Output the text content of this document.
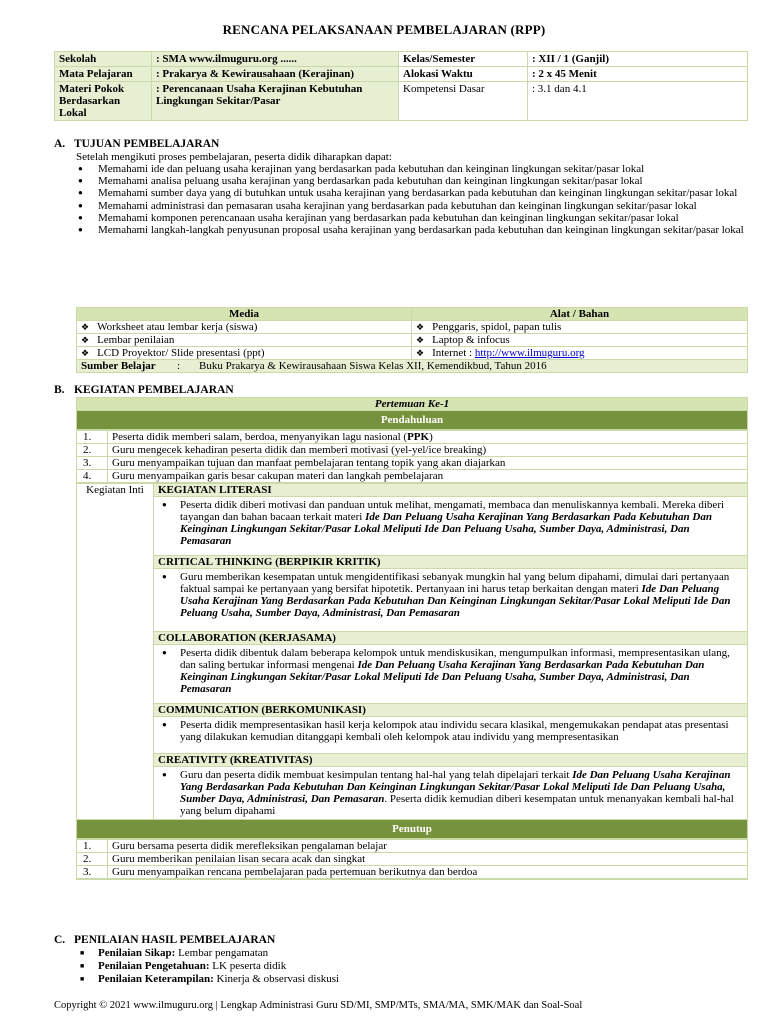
RENCANA PELAKSANAAN PEMBELAJARAN (RPP)
Sekolah	: SMA www.ilmuguru.org ......	Kelas/Semester	: XII / 1 (Ganjil)
Mata Pelajaran	: Prakarya & Kewirausahaan (Kerajinan)	Alokasi Waktu	: 2 x 45 Menit
Materi Pokok Berdasarkan Lokal	: Perencanaan Usaha Kerajinan Kebutuhan Lingkungan Sekitar/Pasar	Kompetensi Dasar	: 3.1 dan 4.1
A. TUJUAN PEMBELAJARAN
Setelah mengikuti proses pembelajaran, peserta didik diharapkan dapat:
● Memahami ide dan peluang usaha kerajinan yang berdasarkan pada kebutuhan dan keinginan lingkungan sekitar/pasar lokal
● Memahami analisa peluang usaha kerajinan yang berdasarkan pada kebutuhan dan keinginan lingkungan sekitar/pasar lokal
● Memahami sumber daya yang di butuhkan untuk usaha kerajinan yang berdasarkan pada kebutuhan dan keinginan lingkungan sekitar/pasar lokal
● Memahami administrasi dan pemasaran usaha kerajinan yang berdasarkan pada kebutuhan dan keinginan lingkungan sekitar/pasar lokal
● Memahami komponen perencanaan usaha kerajinan yang berdasarkan pada kebutuhan dan keinginan lingkungan sekitar/pasar lokal
● Memahami langkah-langkah penyusunan proposal usaha kerajinan yang berdasarkan pada kebutuhan dan keinginan lingkungan sekitar/pasar lokal
Media	Alat / Bahan
❖ Worksheet atau lembar kerja (siswa)	❖ Penggaris, spidol, papan tulis
❖ Lembar penilaian	❖ Laptop & infocus
❖ LCD Proyektor/ Slide presentasi (ppt)	❖ Internet : http://www.ilmuguru.org
Sumber Belajar : Buku Prakarya & Kewirausahaan Siswa Kelas XII, Kemendikbud, Tahun 2016	
B. KEGIATAN PEMBELAJARAN
Pertemuan Ke-1
Pendahuluan

1.	Peserta didik memberi salam, berdoa, menyanyikan lagu nasional (PPK)
2.	Guru mengecek kehadiran peserta didik dan memberi motivasi (yel-yel/ice breaking)
3.	Guru menyampaikan tujuan dan manfaat pembelajaran tentang topik yang akan diajarkan
4.	Guru menyampaikan garis besar cakupan materi dan langkah pembelajaran

Kegiatan Inti	KEGIATAN LITERASI
● Peserta didik diberi motivasi dan panduan untuk melihat, mengamati, membaca dan menuliskannya kembali. Mereka diberi tayangan dan bahan bacaan terkait materi Ide Dan Peluang Usaha Kerajinan Yang Berdasarkan Pada Kebutuhan Dan Keinginan Lingkungan Sekitar/Pasar Lokal Meliputi Ide Dan Peluang Usaha, Sumber Daya, Administrasi, Dan Pemasaran
CRITICAL THINKING (BERPIKIR KRITIK)
● Guru memberikan kesempatan untuk mengidentifikasi sebanyak mungkin hal yang belum dipahami, dimulai dari pertanyaan faktual sampai ke pertanyaan yang bersifat hipotetik. Pertanyaan ini harus tetap berkaitan dengan materi Ide Dan Peluang Usaha Kerajinan Yang Berdasarkan Pada Kebutuhan Dan Keinginan Lingkungan Sekitar/Pasar Lokal Meliputi Ide Dan Peluang Usaha, Sumber Daya, Administrasi, Dan Pemasaran
COLLABORATION (KERJASAMA)
● Peserta didik dibentuk dalam beberapa kelompok untuk mendiskusikan, mengumpulkan informasi, mempresentasikan ulang, dan saling bertukar informasi mengenai Ide Dan Peluang Usaha Kerajinan Yang Berdasarkan Pada Kebutuhan Dan Keinginan Lingkungan Sekitar/Pasar Lokal Meliputi Ide Dan Peluang Usaha, Sumber Daya, Administrasi, Dan Pemasaran
COMMUNICATION (BERKOMUNIKASI)
● Peserta didik mempresentasikan hasil kerja kelompok atau individu secara klasikal, mengemukakan pendapat atas presentasi yang dilakukan kemudian ditanggapi kembali oleh kelompok atau individu yang mempresentasikan
CREATIVITY (KREATIVITAS)
● Guru dan peserta didik membuat kesimpulan tentang hal-hal yang telah dipelajari terkait Ide Dan Peluang Usaha Kerajinan Yang Berdasarkan Pada Kebutuhan Dan Keinginan Lingkungan Sekitar/Pasar Lokal Meliputi Ide Dan Peluang Usaha, Sumber Daya, Administrasi, Dan Pemasaran. Peserta didik kemudian diberi kesempatan untuk menanyakan kembali hal-hal yang belum dipahami

Penutup

1.	Guru bersama peserta didik merefleksikan pengalaman belajar
2.	Guru memberikan penilaian lisan secara acak dan singkat
3.	Guru menyampaikan rencana pembelajaran pada pertemuan berikutnya dan berdoa
C. PENILAIAN HASIL PEMBELAJARAN
■ Penilaian Sikap: Lembar pengamatan
■ Penilaian Pengetahuan: LK peserta didik
■ Penilaian Keterampilan: Kinerja & observasi diskusi
Copyright © 2021 www.ilmuguru.org | Lengkap Administrasi Guru SD/MI, SMP/MTs, SMA/MA, SMK/MAK dan Soal-Soal
